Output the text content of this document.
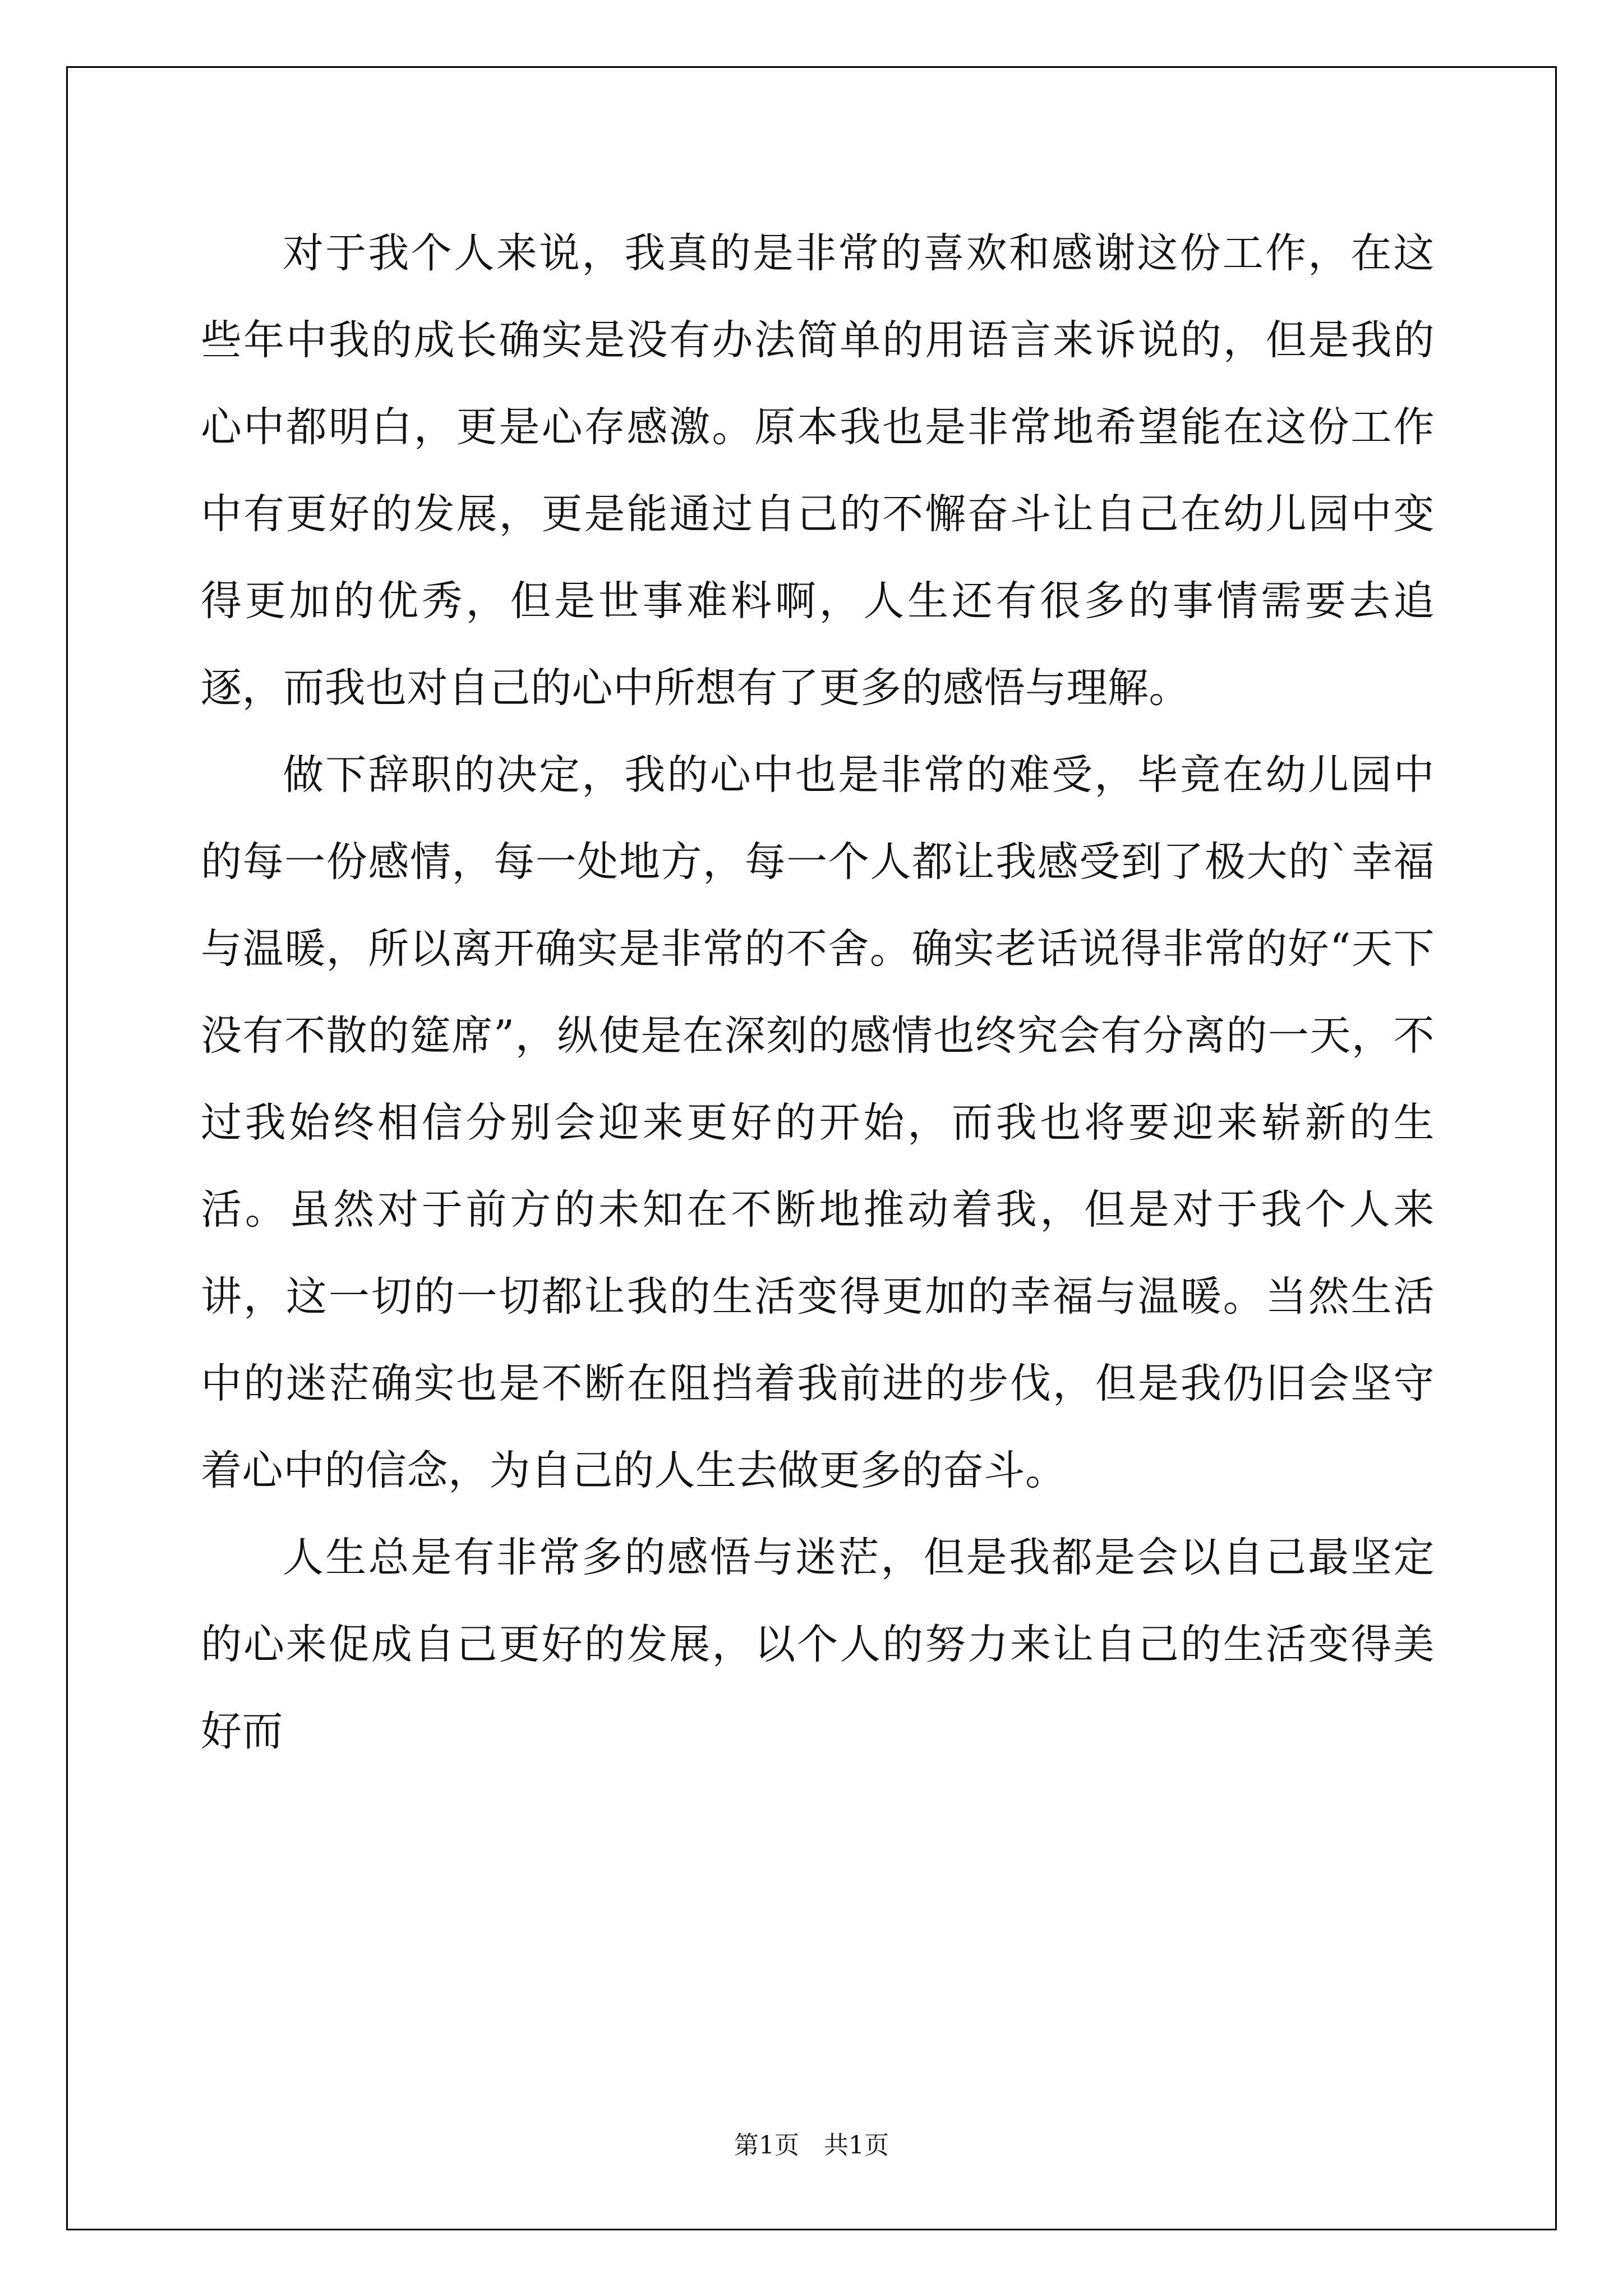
对于我个人来说，我真的是非常的喜欢和感谢这份工作，在这些年中我的成长确实是没有办法简单的用语言来诉说的，但是我的心中都明白，更是心存感激。原本我也是非常地希望能在这份工作中有更好的发展，更是能通过自己的不懈奋斗让自己在幼儿园中变得更加的优秀，但是世事难料啊，人生还有很多的事情需要去追逐，而我也对自己的心中所想有了更多的感悟与理解。

做下辞职的决定，我的心中也是非常的难受，毕竟在幼儿园中的每一份感情，每一处地方，每一个人都让我感受到了极大的`幸福与温暖，所以离开确实是非常的不舍。确实老话说得非常的好“天下没有不散的筵席”，纵使是在深刻的感情也终究会有分离的一天，不过我始终相信分别会迎来更好的开始，而我也将要迎来崭新的生活。虽然对于前方的未知在不断地推动着我，但是对于我个人来讲，这一切的一切都让我的生活变得更加的幸福与温暖。当然生活中的迷茫确实也是不断在阻挡着我前进的步伐，但是我仍旧会坚守着心中的信念，为自己的人生去做更多的奋斗。

人生总是有非常多的感悟与迷茫，但是我都是会以自己最坚定的心来促成自己更好的发展，以个人的努力来让自己的生活变得美好而

第1页　共1页
